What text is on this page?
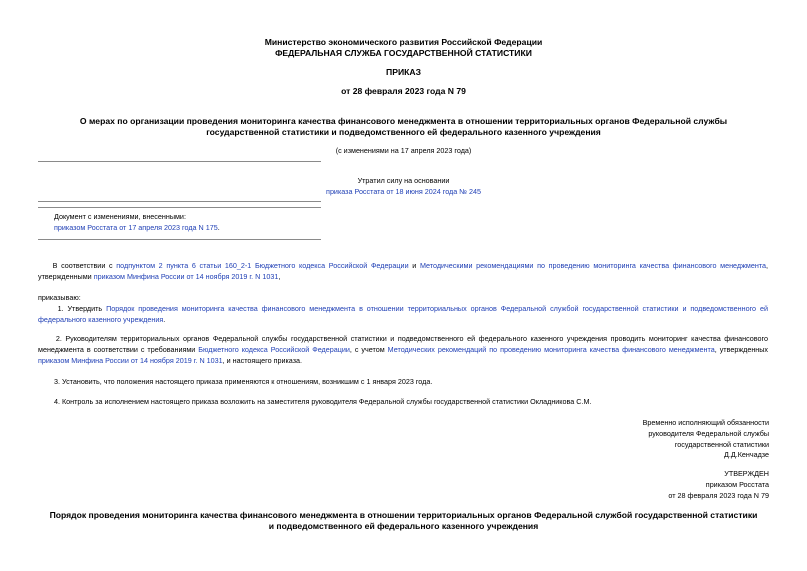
Министерство экономического развития Российской Федерации
ФЕДЕРАЛЬНАЯ СЛУЖБА ГОСУДАРСТВЕННОЙ СТАТИСТИКИ
ПРИКАЗ
от 28 февраля 2023 года N 79
О мерах по организации проведения мониторинга качества финансового менеджмента в отношении территориальных органов Федеральной службы
государственной статистики и подведомственного ей федерального казенного учреждения
(с изменениями на 17 апреля 2023 года)
Утратил силу на основании
приказа Росстата от 18 июня 2024 года № 245
Документ с изменениями, внесенными:
приказом Росстата от 17 апреля 2023 года N 175.
В соответствии с подпунктом 2 пункта 6 статьи 160_2-1 Бюджетного кодекса Российской Федерации и Методическими рекомендациями по проведению мониторинга качества финансового менеджмента,
утвержденными приказом Минфина России от 14 ноября 2019 г. N 1031,
приказываю:
1. Утвердить Порядок проведения мониторинга качества финансового менеджмента в отношении территориальных органов Федеральной службой государственной статистики и подведомственного ей
федерального казенного учреждения.
2. Руководителям территориальных органов Федеральной службы государственной статистики и подведомственного ей федерального казенного учреждения проводить мониторинг качества финансового
менеджмента в соответствии с требованиями Бюджетного кодекса Российской Федерации, с учетом Методических рекомендаций по проведению мониторинга качества финансового менеджмента, утвержденных
приказом Минфина России от 14 ноября 2019 г. N 1031, и настоящего приказа.
3. Установить, что положения настоящего приказа применяются к отношениям, возникшим с 1 января 2023 года.
4. Контроль за исполнением настоящего приказа возложить на заместителя руководителя Федеральной службы государственной статистики Окладникова С.М.
Временно исполняющий обязанности
руководителя Федеральной службы
государственной статистики
Д.Д.Кенчадзе
УТВЕРЖДЕН
приказом Росстата
от 28 февраля 2023 года N 79
Порядок проведения мониторинга качества финансового менеджмента в отношении территориальных органов Федеральной службой государственной статистики
и подведомственного ей федерального казенного учреждения
